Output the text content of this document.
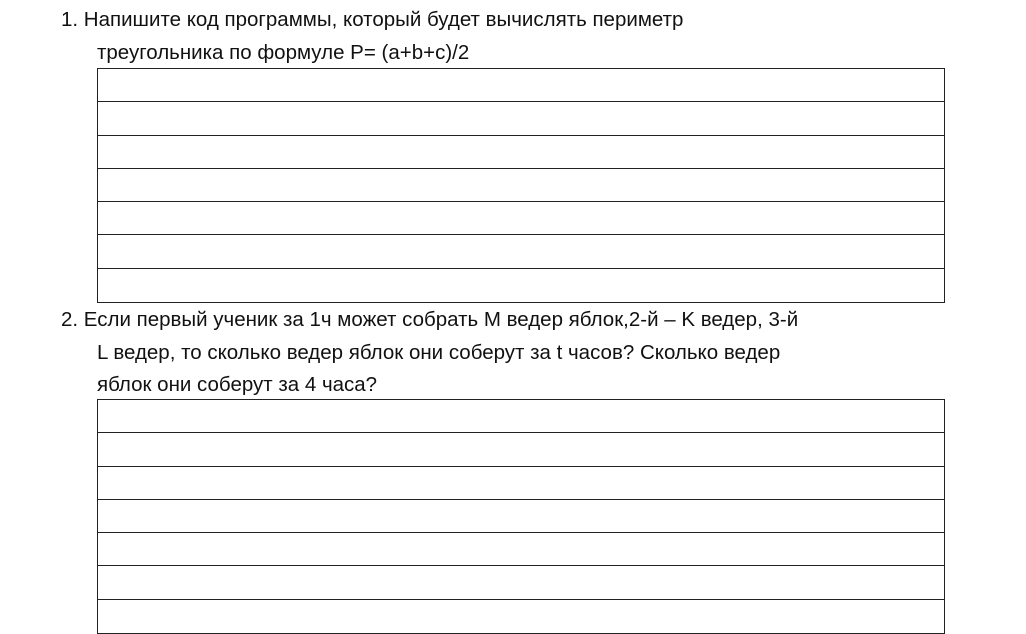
1. Напишите код программы, который будет вычислять периметр
треугольника по формуле P= (a+b+c)/2
2. Если первый ученик за 1ч может собрать M ведер яблок,2-й – K ведер, 3-й
L ведер, то сколько ведер яблок они соберут за t часов? Сколько ведер
яблок они соберут за 4 часа?
